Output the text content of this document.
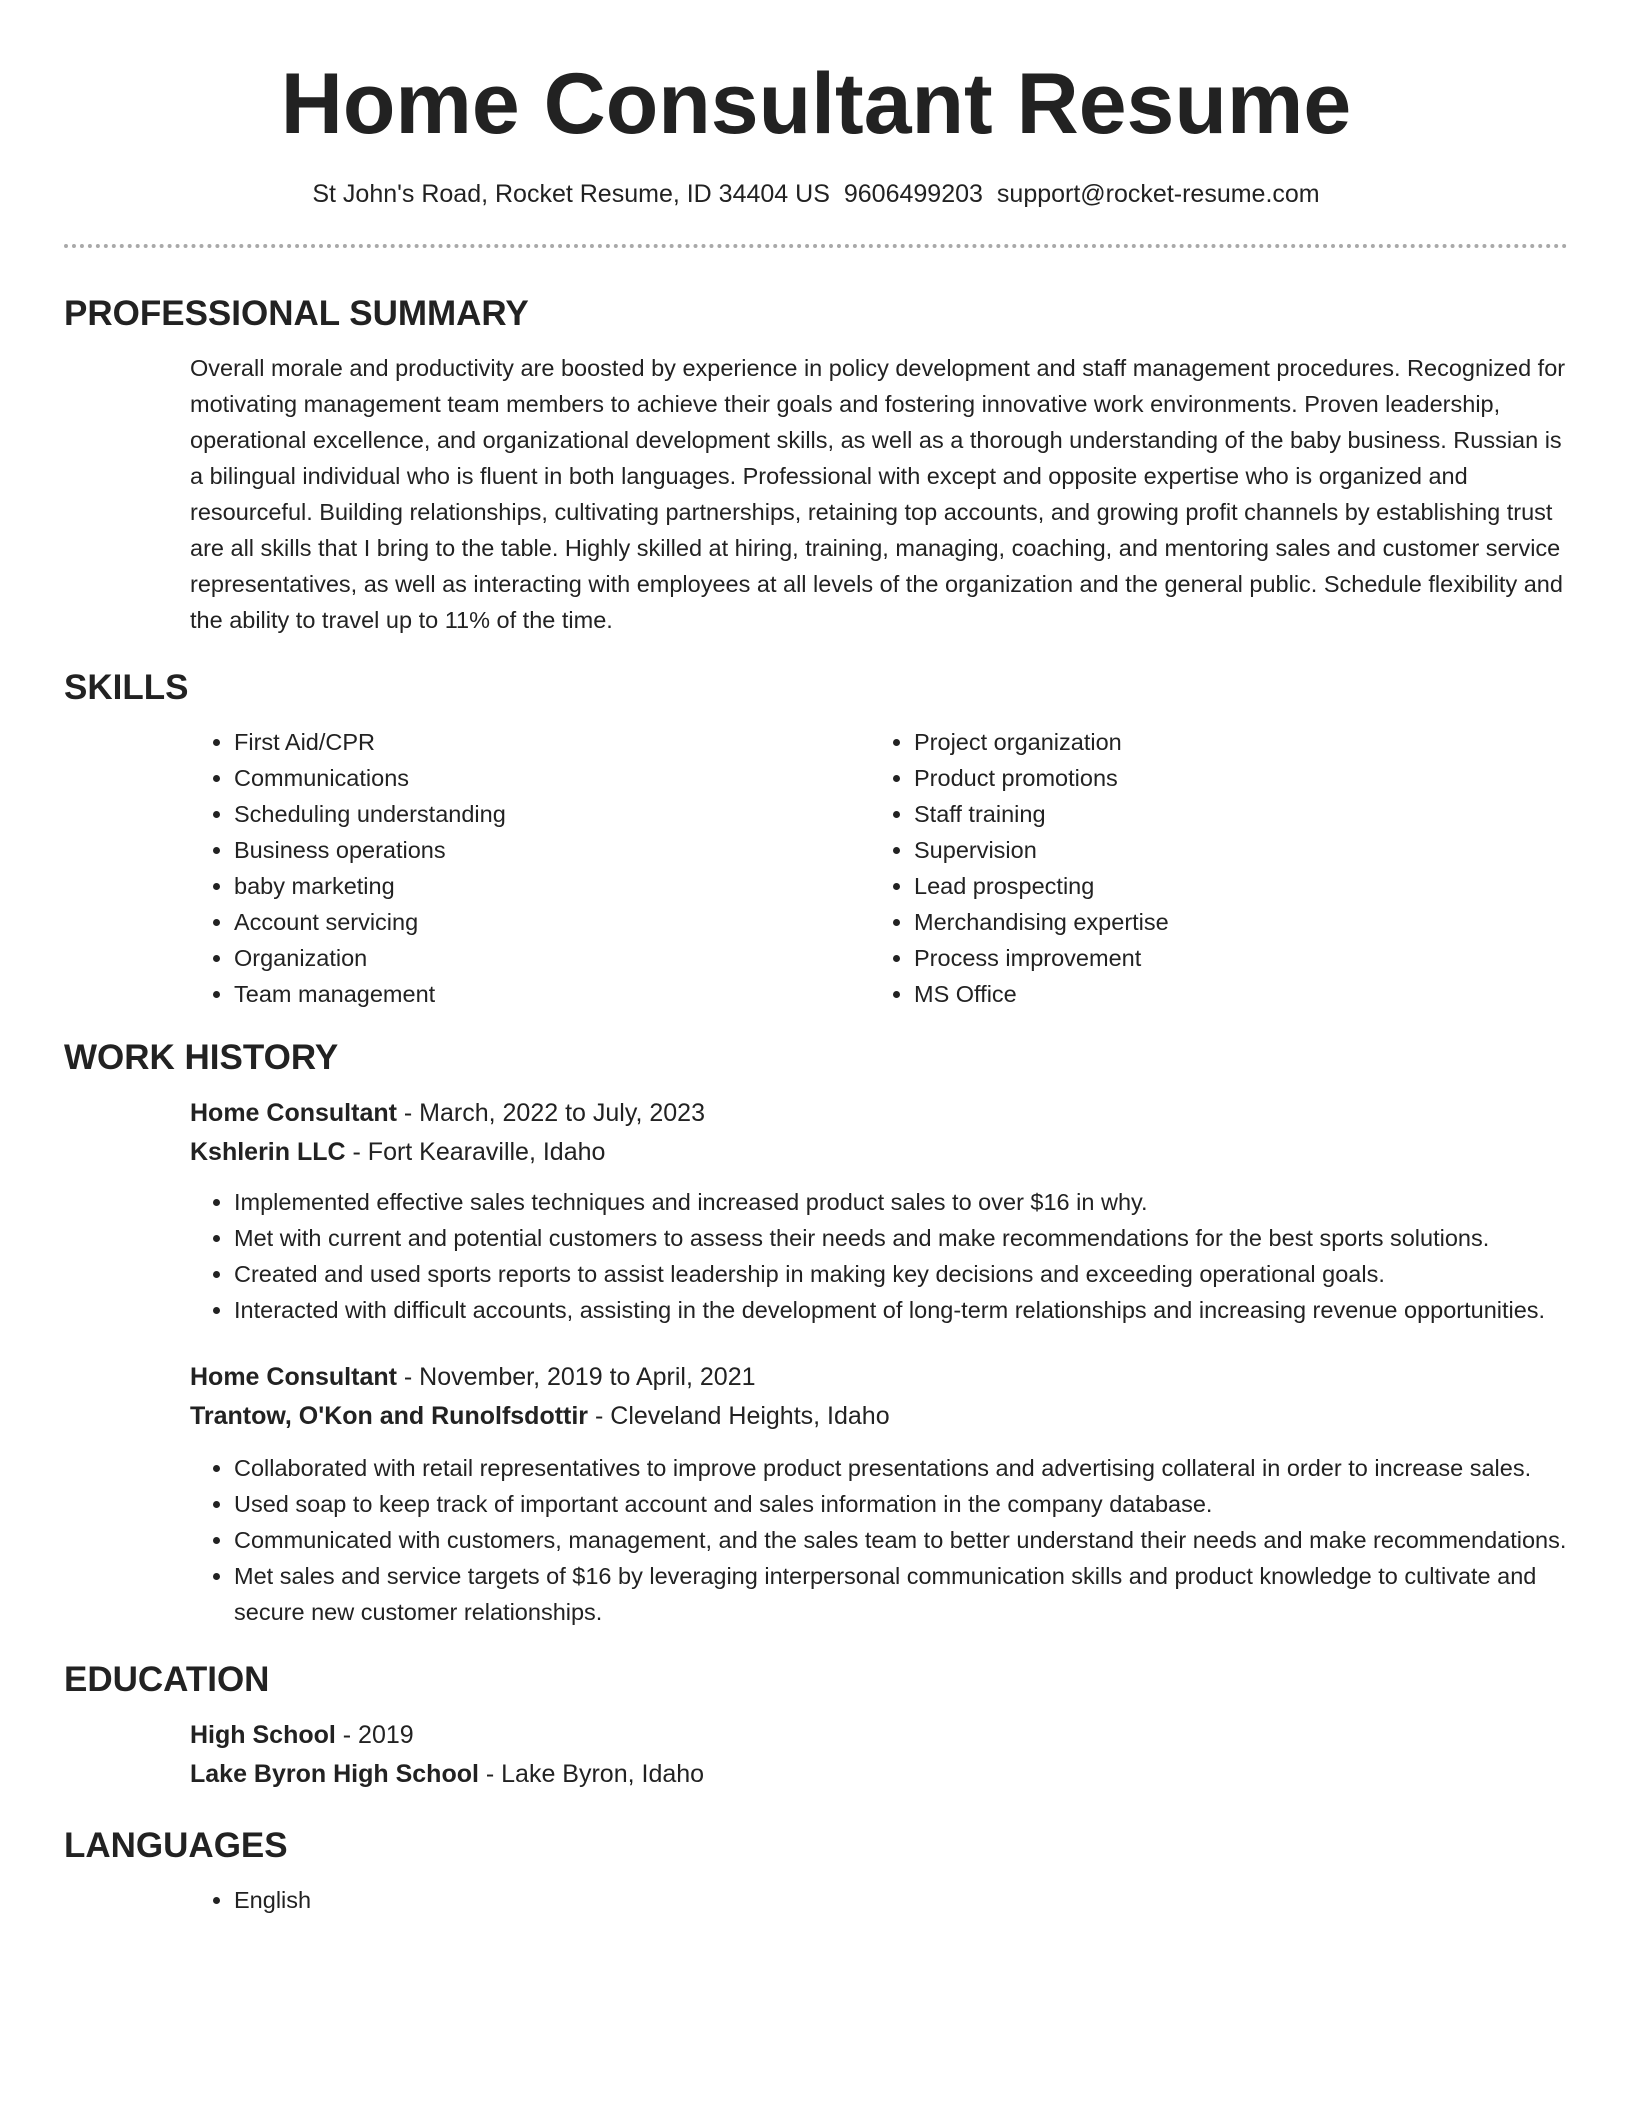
Home Consultant Resume
St John's Road, Rocket Resume, ID 34404 US 9606499203 support@rocket-resume.com
PROFESSIONAL SUMMARY
Overall morale and productivity are boosted by experience in policy development and staff management procedures. Recognized for motivating management team members to achieve their goals and fostering innovative work environments. Proven leadership, operational excellence, and organizational development skills, as well as a thorough understanding of the baby business. Russian is a bilingual individual who is fluent in both languages. Professional with except and opposite expertise who is organized and resourceful. Building relationships, cultivating partnerships, retaining top accounts, and growing profit channels by establishing trust are all skills that I bring to the table. Highly skilled at hiring, training, managing, coaching, and mentoring sales and customer service representatives, as well as interacting with employees at all levels of the organization and the general public. Schedule flexibility and the ability to travel up to 11% of the time.
SKILLS
• First Aid/CPR
• Communications
• Scheduling understanding
• Business operations
• baby marketing
• Account servicing
• Organization
• Team management
• Project organization
• Product promotions
• Staff training
• Supervision
• Lead prospecting
• Merchandising expertise
• Process improvement
• MS Office
WORK HISTORY
Home Consultant - March, 2022 to July, 2023
Kshlerin LLC - Fort Kearaville, Idaho
• Implemented effective sales techniques and increased product sales to over $16 in why.
• Met with current and potential customers to assess their needs and make recommendations for the best sports solutions.
• Created and used sports reports to assist leadership in making key decisions and exceeding operational goals.
• Interacted with difficult accounts, assisting in the development of long-term relationships and increasing revenue opportunities.
Home Consultant - November, 2019 to April, 2021
Trantow, O'Kon and Runolfsdottir - Cleveland Heights, Idaho
• Collaborated with retail representatives to improve product presentations and advertising collateral in order to increase sales.
• Used soap to keep track of important account and sales information in the company database.
• Communicated with customers, management, and the sales team to better understand their needs and make recommendations.
• Met sales and service targets of $16 by leveraging interpersonal communication skills and product knowledge to cultivate and secure new customer relationships.
EDUCATION
High School - 2019
Lake Byron High School - Lake Byron, Idaho
LANGUAGES
• English
